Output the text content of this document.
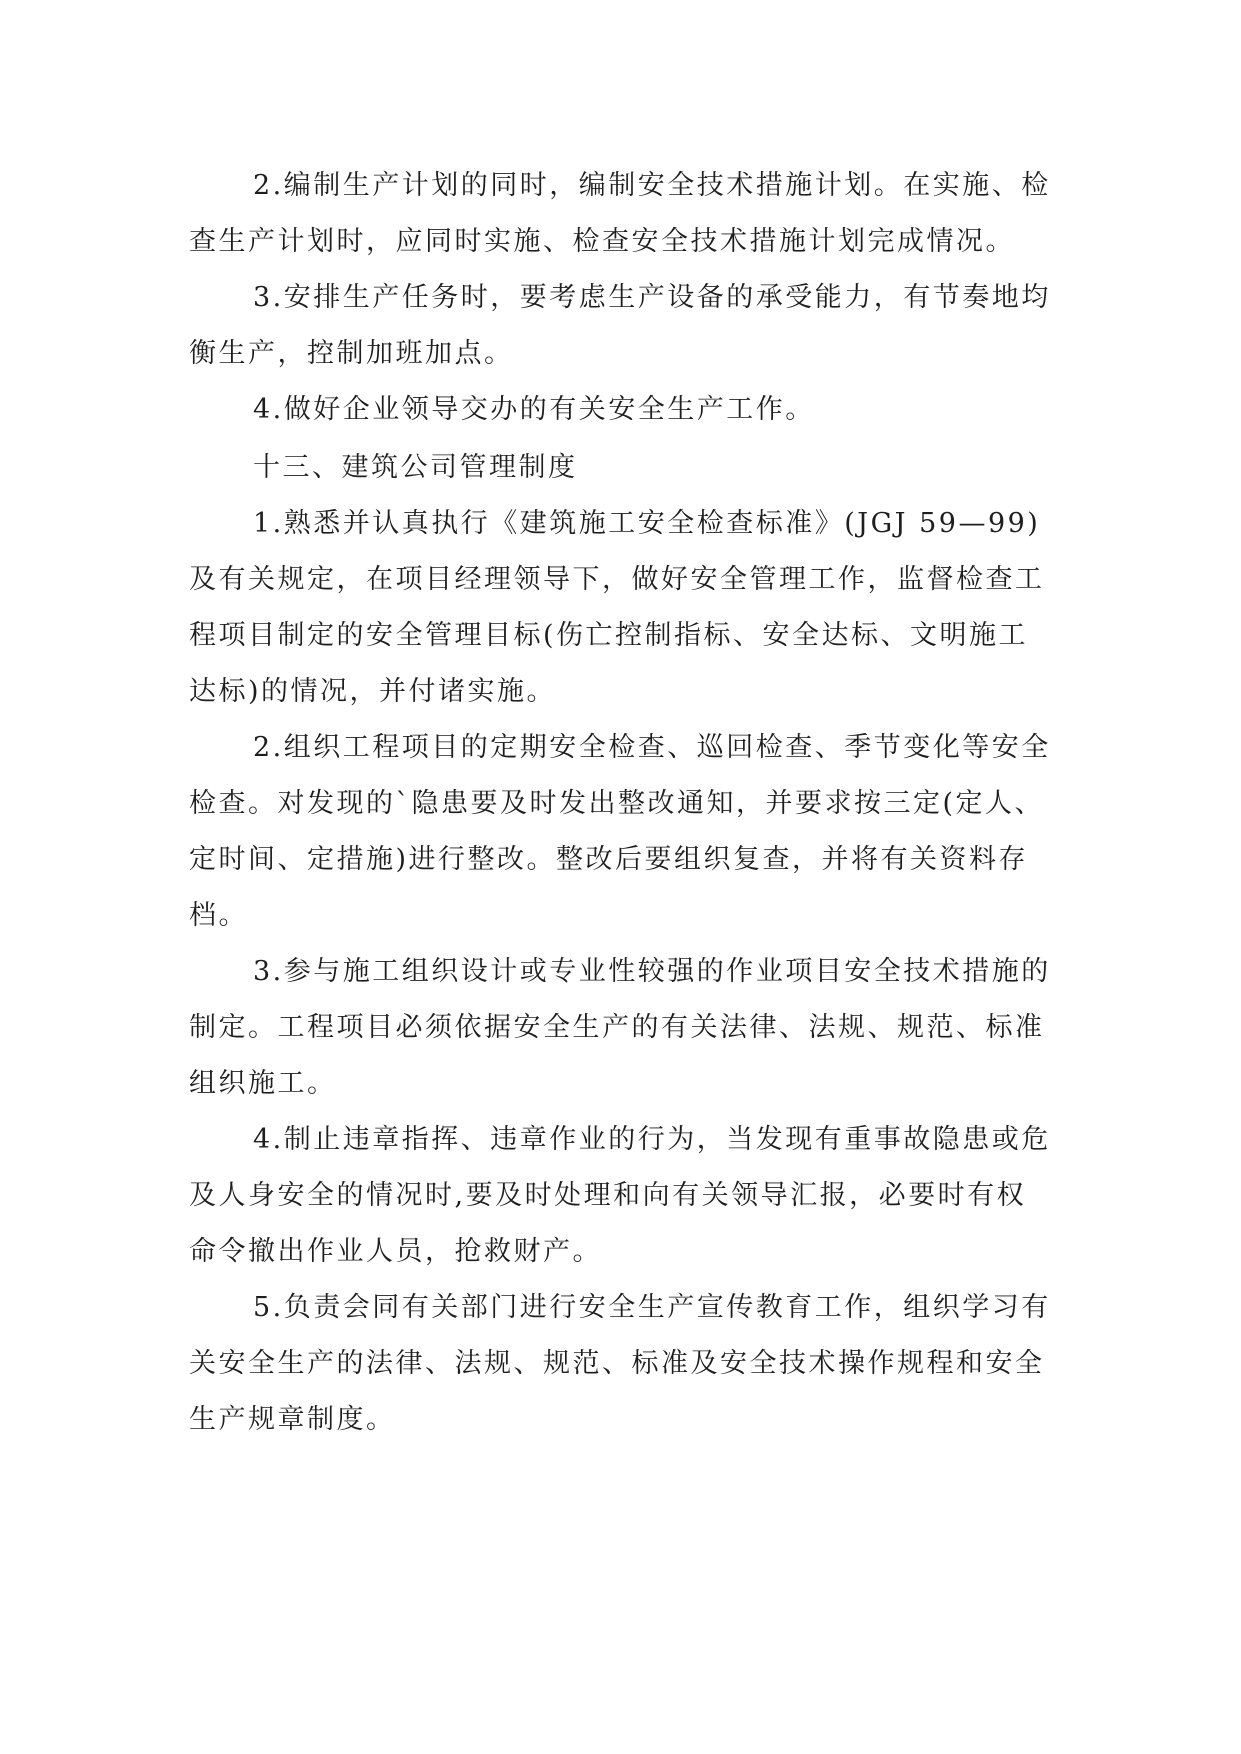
2.编制生产计划的同时，编制安全技术措施计划。在实施、检查生产计划时，应同时实施、检查安全技术措施计划完成情况。

3.安排生产任务时，要考虑生产设备的承受能力，有节奏地均衡生产，控制加班加点。

4.做好企业领导交办的有关安全生产工作。

十三、建筑公司管理制度

1.熟悉并认真执行《建筑施工安全检查标准》(JGJ 59—99)及有关规定，在项目经理领导下，做好安全管理工作，监督检查工程项目制定的安全管理目标(伤亡控制指标、安全达标、文明施工达标)的情况，并付诸实施。

2.组织工程项目的定期安全检查、巡回检查、季节变化等安全检查。对发现的`隐患要及时发出整改通知，并要求按三定(定人、定时间、定措施)进行整改。整改后要组织复查，并将有关资料存档。

3.参与施工组织设计或专业性较强的作业项目安全技术措施的制定。工程项目必须依据安全生产的有关法律、法规、规范、标准组织施工。

4.制止违章指挥、违章作业的行为，当发现有重事故隐患或危及人身安全的情况时,要及时处理和向有关领导汇报，必要时有权命令撤出作业人员，抢救财产。

5.负责会同有关部门进行安全生产宣传教育工作，组织学习有关安全生产的法律、法规、规范、标准及安全技术操作规程和安全生产规章制度。
